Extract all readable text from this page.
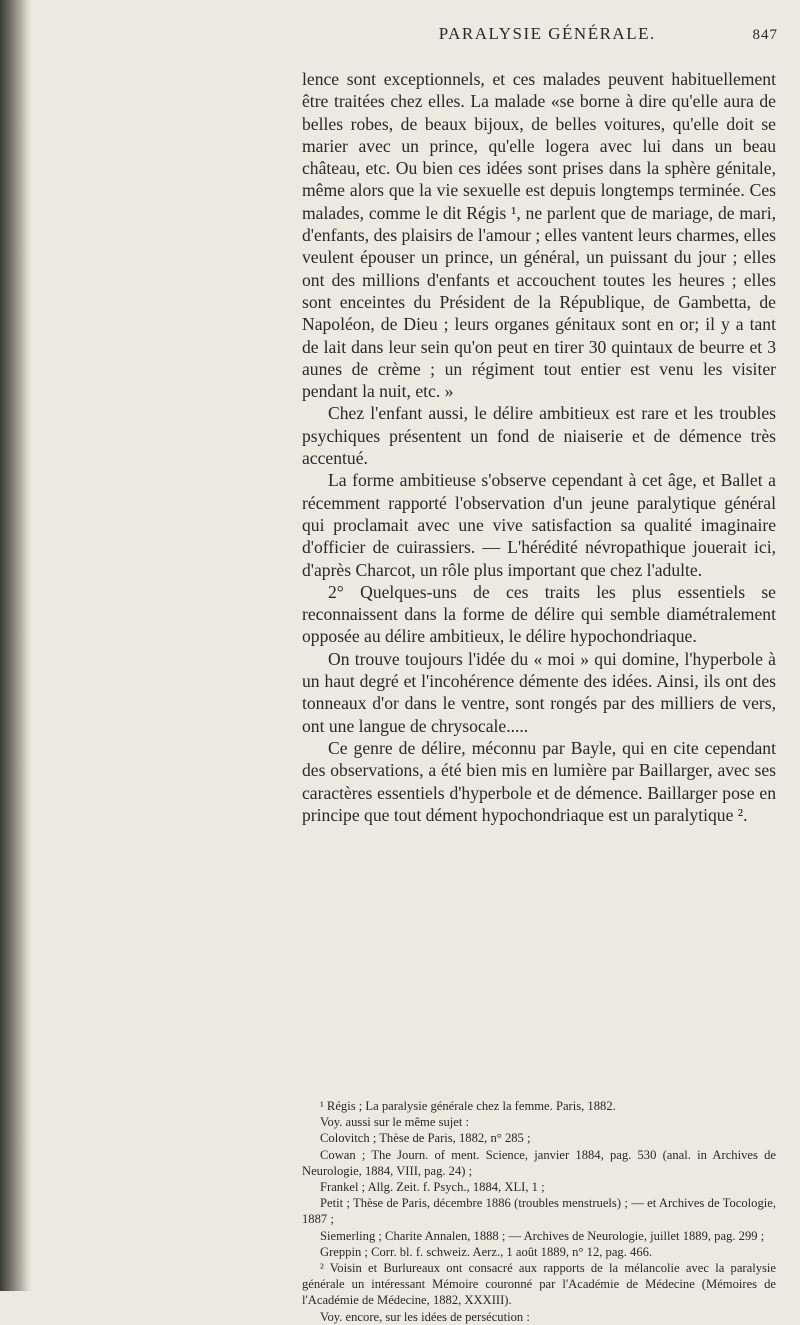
PARALYSIE GÉNÉRALE.	847

lence sont exceptionnels, et ces malades peuvent habituellement être traitées chez elles. La malade «se borne à dire qu'elle aura de belles robes, de beaux bijoux, de belles voitures, qu'elle doit se marier avec un prince, qu'elle logera avec lui dans un beau château, etc. Ou bien ces idées sont prises dans la sphère génitale, même alors que la vie sexuelle est depuis longtemps terminée. Ces malades, comme le dit Régis ¹, ne parlent que de mariage, de mari, d'enfants, des plaisirs de l'amour ; elles vantent leurs charmes, elles veulent épouser un prince, un général, un puissant du jour ; elles ont des millions d'enfants et accouchent toutes les heures ; elles sont enceintes du Président de la République, de Gambetta, de Napoléon, de Dieu ; leurs organes génitaux sont en or; il y a tant de lait dans leur sein qu'on peut en tirer 30 quintaux de beurre et 3 aunes de crème ; un régiment tout entier est venu les visiter pendant la nuit, etc. »

Chez l'enfant aussi, le délire ambitieux est rare et les troubles psychiques présentent un fond de niaiserie et de démence très accentué.

La forme ambitieuse s'observe cependant à cet âge, et Ballet a récemment rapporté l'observation d'un jeune paralytique général qui proclamait avec une vive satisfaction sa qualité imaginaire d'officier de cuirassiers. — L'hérédité névropathique jouerait ici, d'après Charcot, un rôle plus important que chez l'adulte.

2° Quelques-uns de ces traits les plus essentiels se reconnaissent dans la forme de délire qui semble diamétralement opposée au délire ambitieux, le délire hypochondriaque.

On trouve toujours l'idée du « moi » qui domine, l'hyperbole à un haut degré et l'incohérence démente des idées. Ainsi, ils ont des tonneaux d'or dans le ventre, sont rongés par des milliers de vers, ont une langue de chrysocale.....

Ce genre de délire, méconnu par Bayle, qui en cite cependant des observations, a été bien mis en lumière par Baillarger, avec ses caractères essentiels d'hyperbole et de démence. Baillarger pose en principe que tout dément hypochondriaque est un paralytique ².

¹ Régis ; La paralysie générale chez la femme. Paris, 1882.

Voy. aussi sur le même sujet :

Colovitch ; Thèse de Paris, 1882, n° 285 ;

Cowan ; The Journ. of ment. Science, janvier 1884, pag. 530 (anal. in Archives de Neurologie, 1884, VIII, pag. 24) ;

Frankel ; Allg. Zeit. f. Psych., 1884, XLI, 1 ;

Petit ; Thèse de Paris, décembre 1886 (troubles menstruels) ; — et Archives de Tocologie, 1887 ;

Siemerling ; Charite Annalen, 1888 ; — Archives de Neurologie, juillet 1889, pag. 299 ;

Greppin ; Corr. bl. f. schweiz. Aerz., 1 août 1889, n° 12, pag. 466.

² Voisin et Burlureaux ont consacré aux rapports de la mélancolie avec la paralysie générale un intéressant Mémoire couronné par l'Académie de Médecine (Mémoires de l'Académie de Médecine, 1882, XXXIII).

Voy. encore, sur les idées de persécution :
